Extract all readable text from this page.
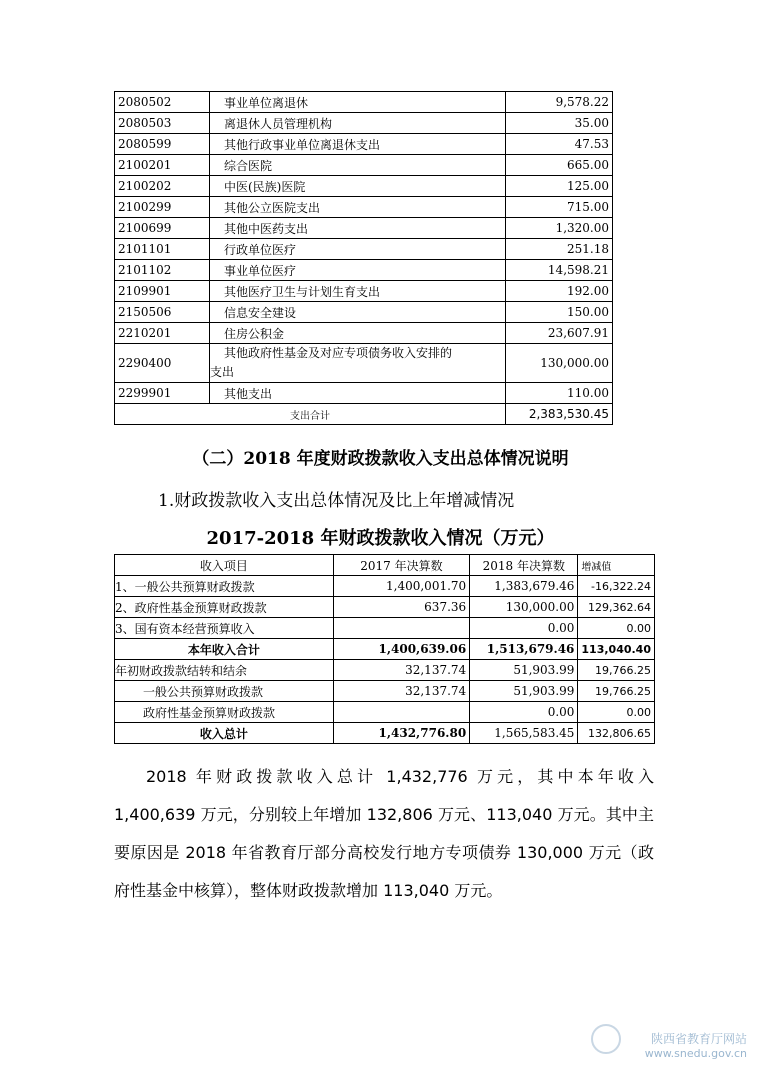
2080502	事业单位离退休	9,578.22
2080503	离退休人员管理机构	35.00
2080599	其他行政事业单位离退休支出	47.53
2100201	综合医院	665.00
2100202	中医(民族)医院	125.00
2100299	其他公立医院支出	715.00
2100699	其他中医药支出	1,320.00
2101101	行政单位医疗	251.18
2101102	事业单位医疗	14,598.21
2109901	其他医疗卫生与计划生育支出	192.00
2150506	信息安全建设	150.00
2210201	住房公积金	23,607.91
2290400	其他政府性基金及对应专项债务收入安排的
支出	130,000.00
2299901	其他支出	110.00
支出合计		2,383,530.45
（二）2018 年度财政拨款收入支出总体情况说明
1.财政拨款收入支出总体情况及比上年增减情况
2017-2018 年财政拨款收入情况（万元）
收入项目	2017 年决算数	2018 年决算数	增减值
1、一般公共预算财政拨款	1,400,001.70	1,383,679.46	-16,322.24
2、政府性基金预算财政拨款	637.36	130,000.00	129,362.64
3、国有资本经营预算收入		0.00	0.00
本年收入合计	1,400,639.06	1,513,679.46	113,040.40
年初财政拨款结转和结余	32,137.74	51,903.99	19,766.25
一般公共预算财政拨款	32,137.74	51,903.99	19,766.25
政府性基金预算财政拨款		0.00	0.00
收入总计	1,432,776.80	1,565,583.45	132,806.65

2018 年财政拨款收入总计 1,432,776 万元，其中本年收入 1,400,639 万元，分别较上年增加 132,806 万元、113,040 万元。其中主要原因是 2018 年省教育厅部分高校发行地方专项债券 130,000 万元（政府性基金中核算），整体财政拨款增加 113,040 万元。

陕西省教育厅网站
www.snedu.gov.cn
